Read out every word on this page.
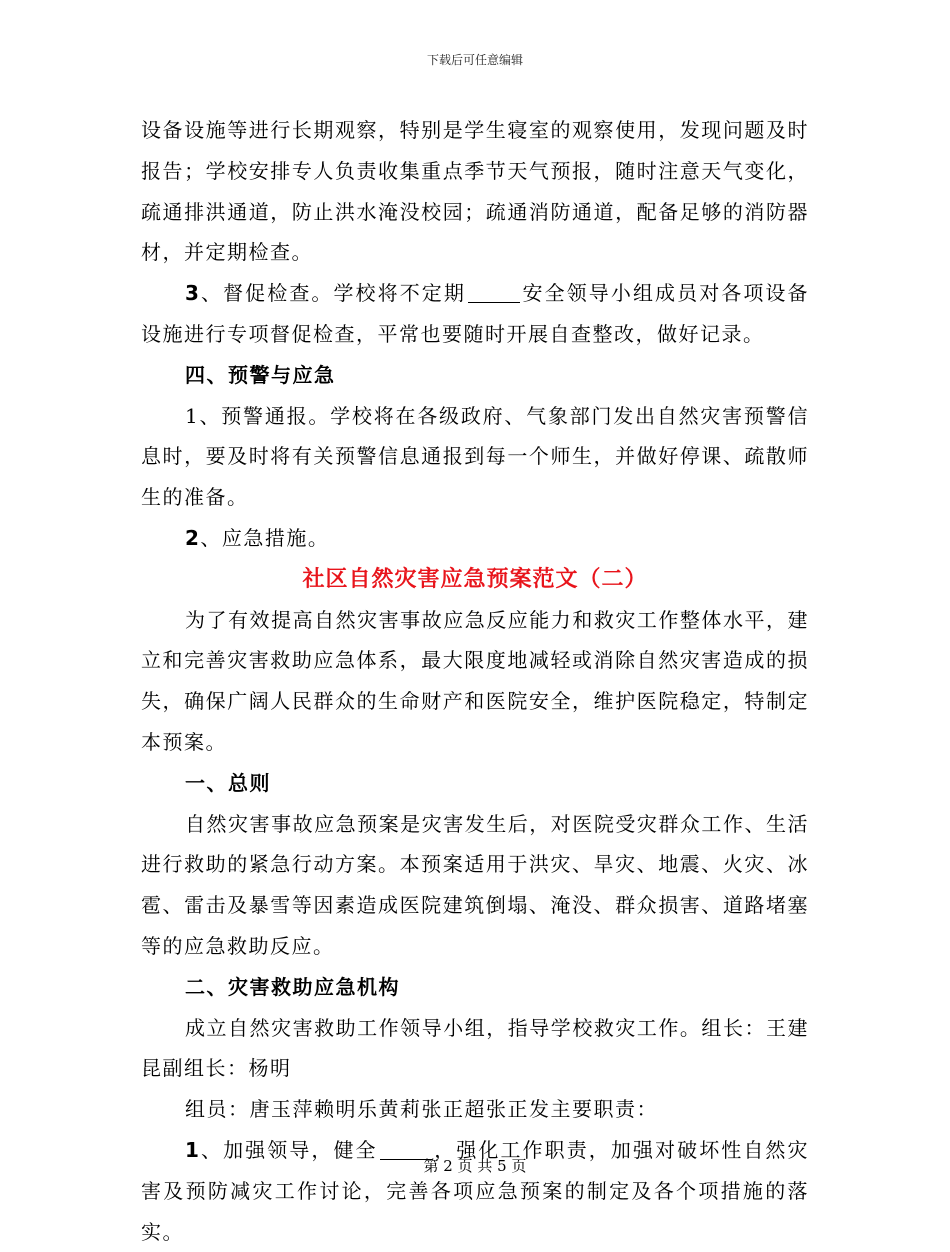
下载后可任意编辑

设备设施等进行长期观察，特别是学生寝室的观察使用，发现问题及时报告；学校安排专人负责收集重点季节天气预报，随时注意天气变化，疏通排洪通道，防止洪水淹没校园；疏通消防通道，配备足够的消防器材，并定期检查。

3、督促检查。学校将不定期	安全领导小组成员对各项设备设施进行专项督促检查，平常也要随时开展自查整改，做好记录。

四、预警与应急

1、预警通报。学校将在各级政府、气象部门发出自然灾害预警信息时，要及时将有关预警信息通报到每一个师生，并做好停课、疏散师生的准备。

2、应急措施。

社区自然灾害应急预案范文（二）

为了有效提高自然灾害事故应急反应能力和救灾工作整体水平，建立和完善灾害救助应急体系，最大限度地减轻或消除自然灾害造成的损失，确保广阔人民群众的生命财产和医院安全，维护医院稳定，特制定本预案。

一、总则

自然灾害事故应急预案是灾害发生后，对医院受灾群众工作、生活进行救助的紧急行动方案。本预案适用于洪灾、旱灾、地震、火灾、冰雹、雷击及暴雪等因素造成医院建筑倒塌、淹没、群众损害、道路堵塞等的应急救助反应。

二、灾害救助应急机构

成立自然灾害救助工作领导小组，指导学校救灾工作。组长：王建昆副组长：杨明

组员：唐玉萍赖明乐黄莉张正超张正发主要职责：

1、加强领导，健全	，强化工作职责，加强对破坏性自然灾害及预防减灾工作讨论，完善各项应急预案的制定及各个项措施的落实。

第 2 页 共 5 页
